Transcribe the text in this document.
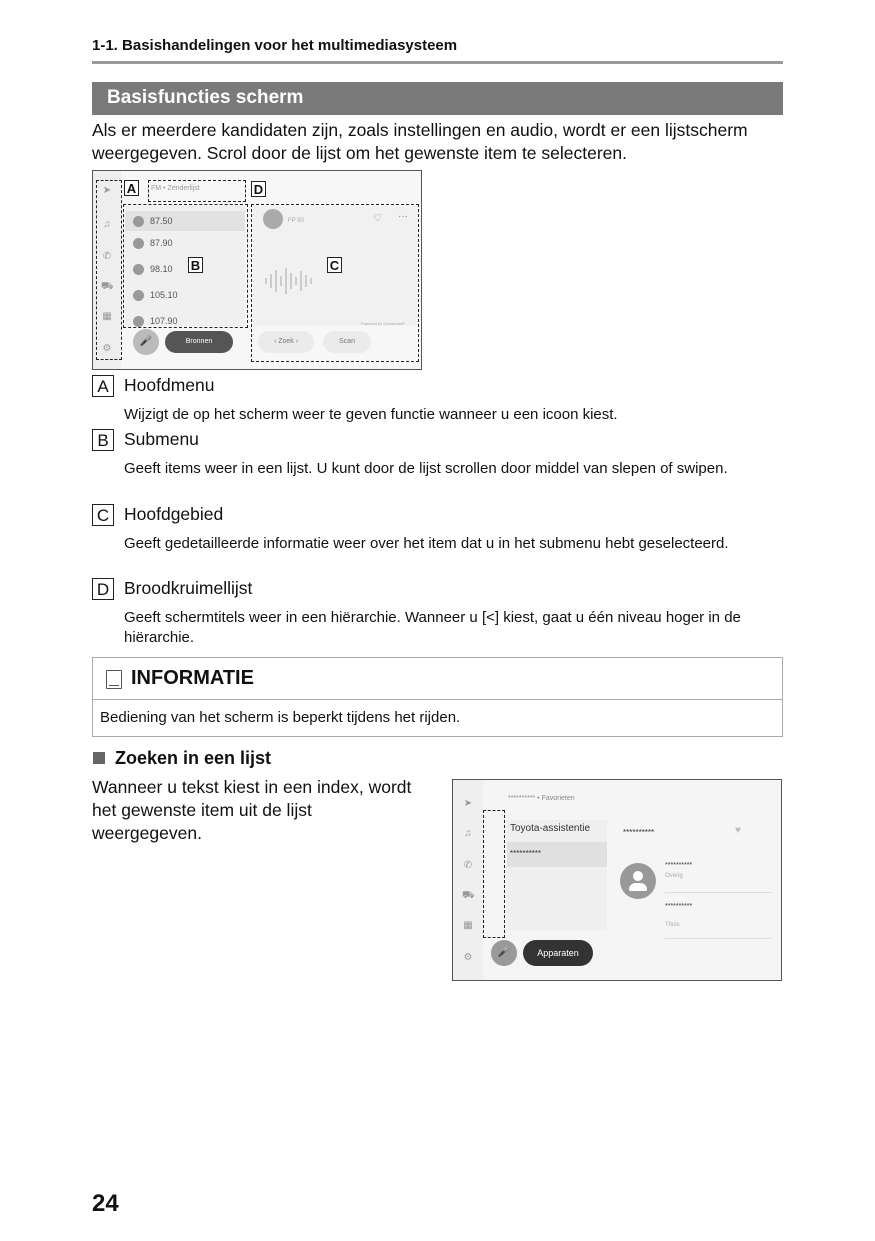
1-1. Basishandelingen voor het multimediasysteem
Basisfuncties scherm
Als er meerdere kandidaten zijn, zoals instellingen en audio, wordt er een lijstscherm weergegeven. Scrol door de lijst om het gewenste item te selecteren.
➤
♫
✆
⛟
▦
⚙
FM • Zenderlijst
87.50
87.90
98.10
105.10
107.90
FP 90	♡ ···
Powered by Gracenote®
🎤	Bronnen	‹ Zoek ›	Scan
A	D
B	C
A Hoofdmenu
Wijzigt de op het scherm weer te geven functie wanneer u een icoon kiest.
B Submenu
Geeft items weer in een lijst. U kunt door de lijst scrollen door middel van slepen of swipen.
C Hoofdgebied
Geeft gedetailleerde informatie weer over het item dat u in het submenu hebt geselecteerd.
D Broodkruimellijst
Geeft schermtitels weer in een hiërarchie. Wanneer u [<] kiest, gaat u één niveau hoger in de hiërarchie.
INFORMATIE
Bediening van het scherm is beperkt tijdens het rijden.
Zoeken in een lijst
Wanneer u tekst kiest in een index, wordt het gewenste item uit de lijst weergegeven.
➤
♫
✆
⛟
▦
⚙
********** • Favorieten
Toyota-assistentie
**********
**********	♥
**********
Overig
**********
Thuis
🎤	Apparaten
24
